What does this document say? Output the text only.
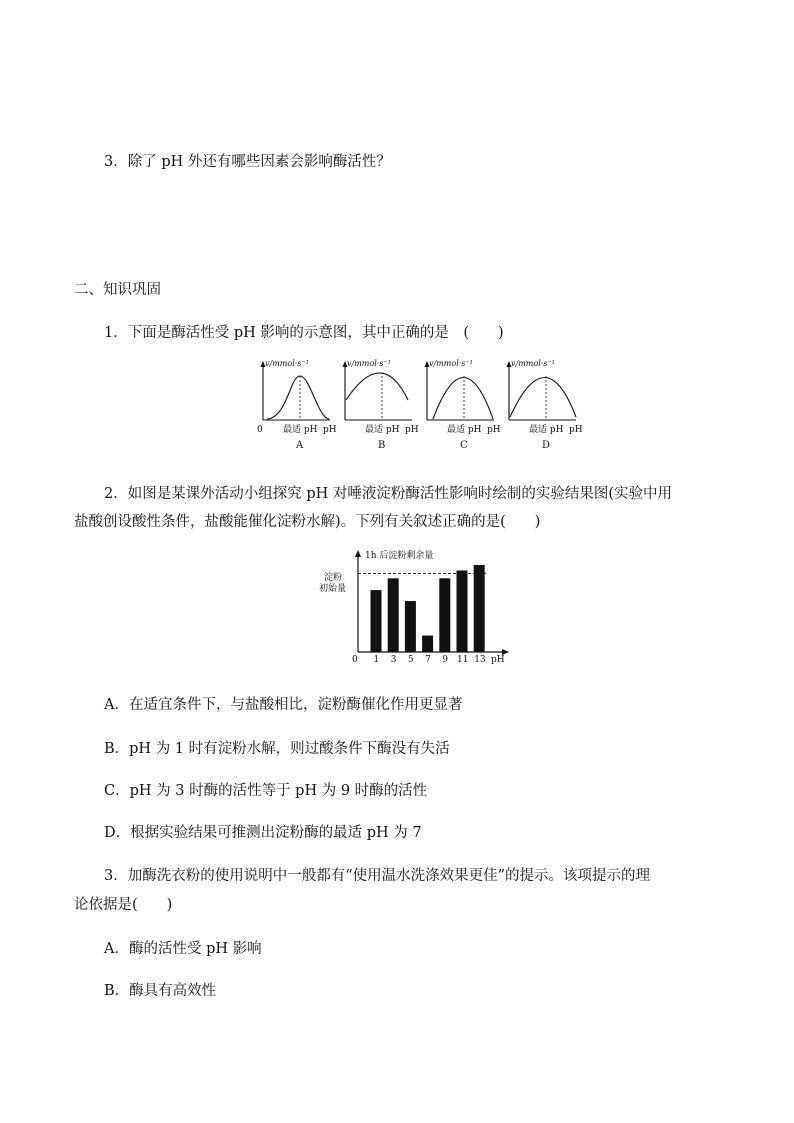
3．除了 pH 外还有哪些因素会影响酶活性？
二、知识巩固
1．下面是酶活性受 pH 影响的示意图，其中正确的是　(　　)
v/mmol·s⁻¹
0 最适 pH pH
A
v/mmol·s⁻¹
最适 pH pH
B
v/mmol·s⁻¹
最适 pH pH
C
v/mmol·s⁻¹
最适 pH pH
D
2．如图是某课外活动小组探究 pH 对唾液淀粉酶活性影响时绘制的实验结果图(实验中用
盐酸创设酸性条件，盐酸能催化淀粉水解)。下列有关叙述正确的是(　　)
1h 后淀粉剩余量
淀粉
初始量
0	pH
1 3 5 7 9 11 13
A．在适宜条件下，与盐酸相比，淀粉酶催化作用更显著
B．pH 为 1 时有淀粉水解，则过酸条件下酶没有失活
C．pH 为 3 时酶的活性等于 pH 为 9 时酶的活性
D．根据实验结果可推测出淀粉酶的最适 pH 为 7
3．加酶洗衣粉的使用说明中一般都有“使用温水洗涤效果更佳”的提示。该项提示的理
论依据是(　　)
A．酶的活性受 pH 影响
B．酶具有高效性
